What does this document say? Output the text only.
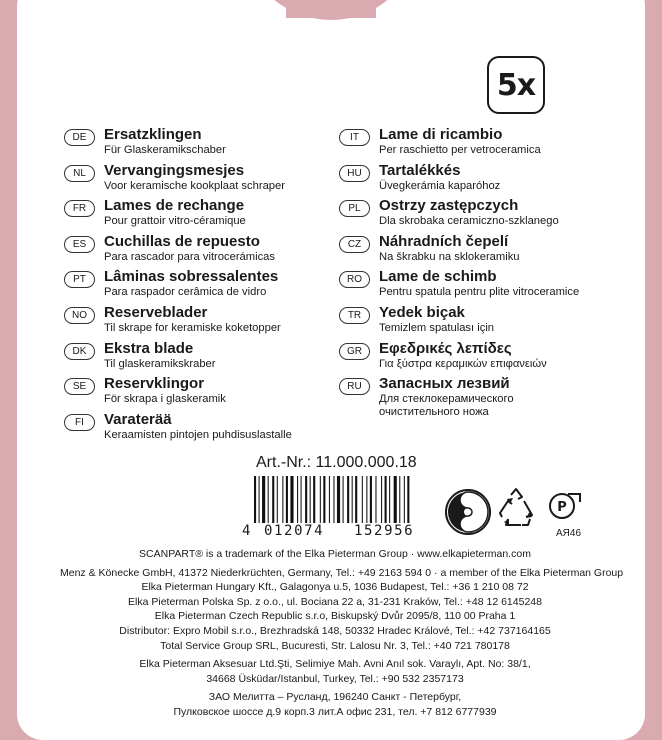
5x
DE	Ersatzklingen
Für Glaskeramikschaber
NL	Vervangingsmesjes
Voor keramische kookplaat schraper
FR	Lames de rechange
Pour grattoir vitro-céramique
ES	Cuchillas de repuesto
Para rascador para vitrocerámicas
PT	Lâminas sobressalentes
Para raspador cerâmica de vidro
NO	Reserveblader
Til skrape for keramiske koketopper
DK	Ekstra blade
Til glaskeramikskraber
SE	Reservklingor
För skrapa i glaskeramik
FI	Varaterää
Keraamisten pintojen puhdisuslastalle
IT	Lame di ricambio
Per raschietto per vetroceramica
HU	Tartalékkés
Üvegkerámia kaparóhoz
PL	Ostrzy zastępczych
Dla skrobaka ceramiczno-szklanego
CZ	Náhradních čepelí
Na škrabku na sklokeramiku
RO	Lame de schimb
Pentru spatula pentru plite vitroceramice
TR	Yedek biçak
Temizlem spatulası için
GR	Εφεδρικές λεπίδες
Για ξύστρα κεραμικών επιφανειών
RU	Запасных лезвий
Для стеклокерамического
очистительного ножа
Art.-Nr.: 11.000.000.18
4 012074	152956
P
АЯ46
SCANPART® is a trademark of the Elka Pieterman Group · www.elkapieterman.com
Menz & Könecke GmbH, 41372 Niederkrüchten, Germany, Tel.: +49 2163 594 0 · a member of the Elka Pieterman Group
Elka Pieterman Hungary Kft., Galagonya u.5, 1036 Budapest, Tel.: +36 1 210 08 72
Elka Pieterman Polska Sp. z o.o., ul. Bociana 22 a, 31-231 Kraków, Tel.: +48 12 6145248
Elka Pieterman Czech Republic s.r.o, Biskupský Dvůr 2095/8, 110 00 Praha 1
Distributor: Expro Mobil s.r.o., Brezhradská 148, 50332 Hradec Králové, Tel.: +42 737164165
Total Service Group SRL, Bucuresti, Str. Lalosu Nr. 3, Tel.: +40 721 780178
Elka Pieterman Aksesuar Ltd.Şti, Selimiye Mah. Avni Anıl sok. Varaylı, Apt. No: 38/1,
34668 Üsküdar/Istanbul, Turkey, Tel.: +90 532 2357173
ЗАО Мелитта – Русланд, 196240 Санкт - Петербург,
Пулковское шоссе д.9 корп.3 лит.А офис 231, тел. +7 812 6777939
